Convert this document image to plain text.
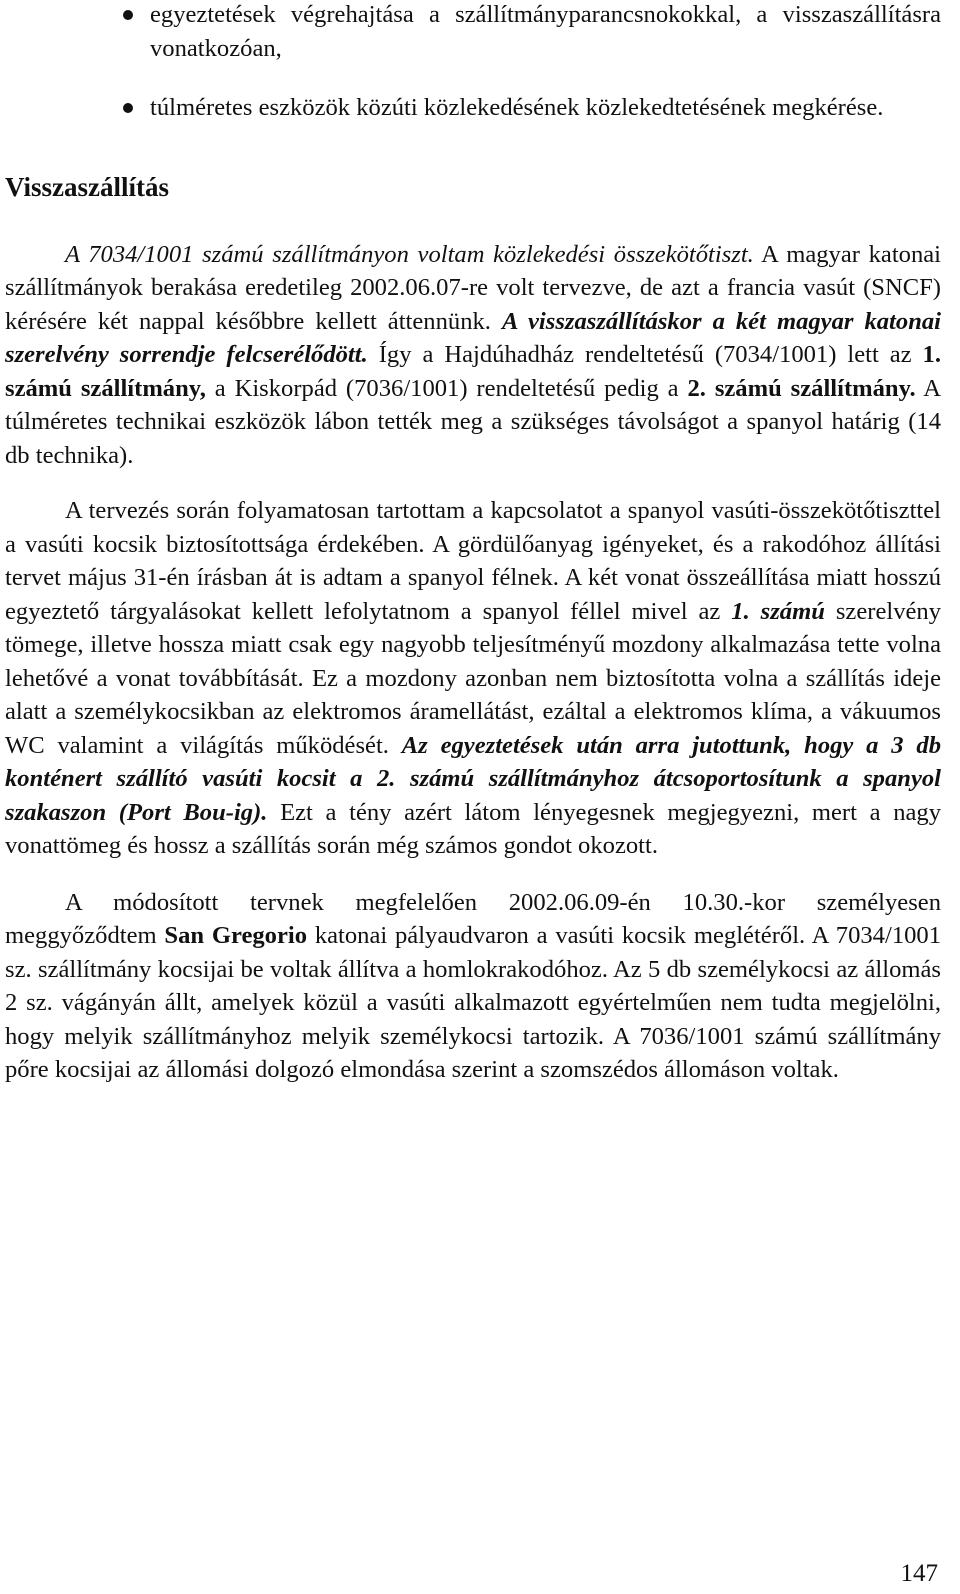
egyeztetések végrehajtása a szállítmányparancsnokokkal, a visszaszállításra vonatkozóan,
túlméretes eszközök közúti közlekedésének közlekedtetésének megkérése.
Visszaszállítás

A 7034/1001 számú szállítmányon voltam közlekedési összekötőtiszt. A magyar katonai szállítmányok berakása eredetileg 2002.06.07-re volt tervezve, de azt a francia vasút (SNCF) kérésére két nappal későbbre kellett áttennünk. A visszaszállításkor a két magyar katonai szerelvény sorrendje felcserélődött. Így a Hajdúhadház rendeltetésű (7034/1001) lett az 1. számú szállítmány, a Kiskorpád (7036/1001) rendeltetésű pedig a 2. számú szállítmány. A túlméretes technikai eszközök lábon tették meg a szükséges távolságot a spanyol határig (14 db technika).

A tervezés során folyamatosan tartottam a kapcsolatot a spanyol vasúti-összekötőtiszttel a vasúti kocsik biztosítottsága érdekében. A gördülőanyag igényeket, és a rakodóhoz állítási tervet május 31-én írásban át is adtam a spanyol félnek. A két vonat összeállítása miatt hosszú egyeztető tárgyalásokat kellett lefolytatnom a spanyol féllel mivel az 1. számú szerelvény tömege, illetve hossza miatt csak egy nagyobb teljesítményű mozdony alkalmazása tette volna lehetővé a vonat továbbítását. Ez a mozdony azonban nem biztosította volna a szállítás ideje alatt a személykocsikban az elektromos áramellátást, ezáltal a elektromos klíma, a vákuumos WC valamint a világítás működését. Az egyeztetések után arra jutottunk, hogy a 3 db konténert szállító vasúti kocsit a 2. számú szállítmányhoz átcsoportosítunk a spanyol szakaszon (Port Bou-ig). Ezt a tény azért látom lényegesnek megjegyezni, mert a nagy vonattömeg és hossz a szállítás során még számos gondot okozott.

A módosított tervnek megfelelően 2002.06.09-én 10.30.-kor személyesen meggyőződtem San Gregorio katonai pályaudvaron a vasúti kocsik meglétéről. A 7034/1001 sz. szállítmány kocsijai be voltak állítva a homlokrakodóhoz. Az 5 db személykocsi az állomás 2 sz. vágányán állt, amelyek közül a vasúti alkalmazott egyértelműen nem tudta megjelölni, hogy melyik szállítmányhoz melyik személykocsi tartozik. A 7036/1001 számú szállítmány pőre kocsijai az állomási dolgozó elmondása szerint a szomszédos állomáson voltak.

147
